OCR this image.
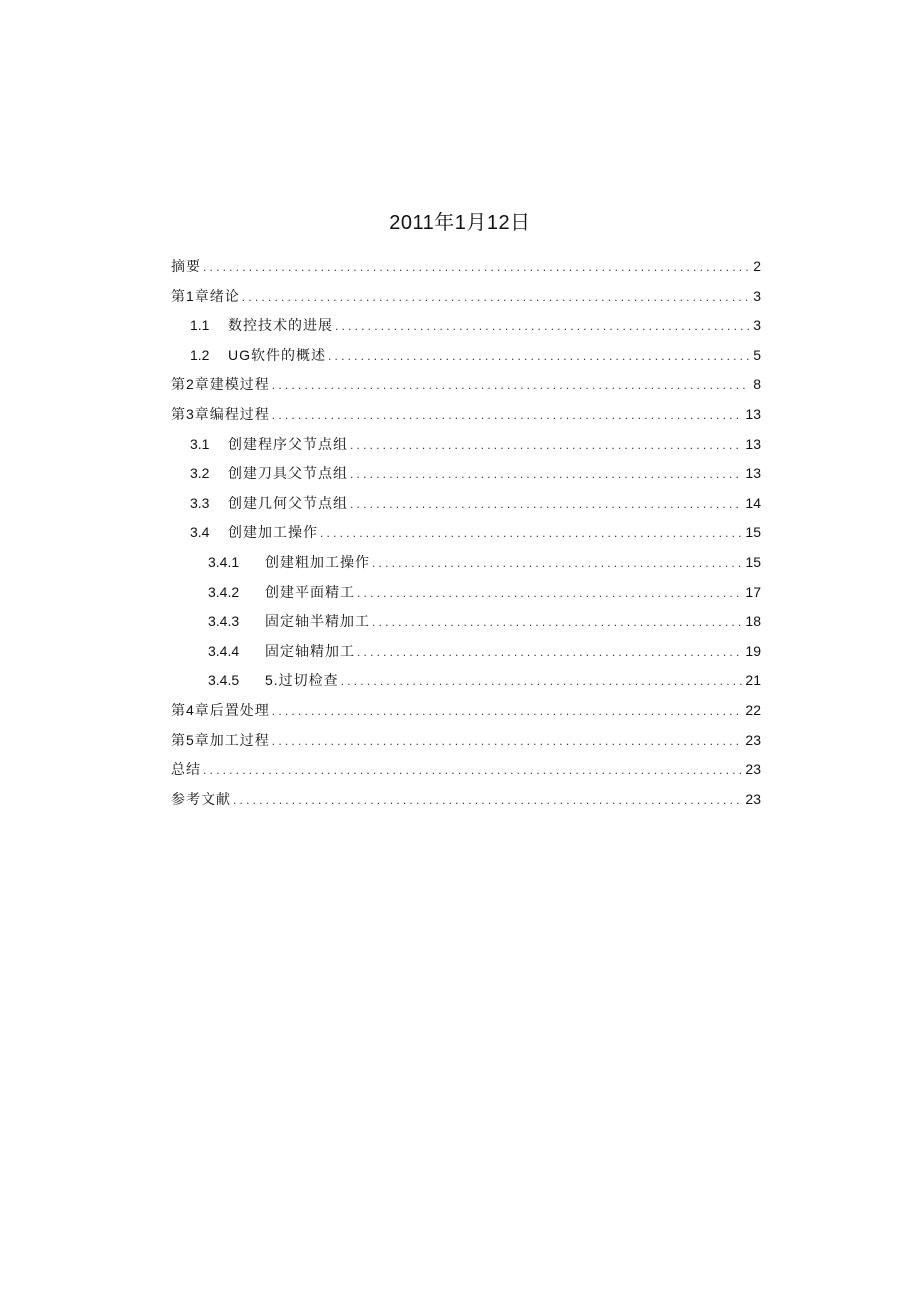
2011年1月12日
摘要 .....	2
第1章绪论 .....	3
1.1	数控技术的进展 .....	3
1.2	UG软件的概述 .....	5
第2章建模过程 .....	8
第3章编程过程 .....	13
3.1	创建程序父节点组 .....	13
3.2	创建刀具父节点组 .....	13
3.3	创建几何父节点组 .....	14
3.4	创建加工操作 .....	15
3.4.1	创建粗加工操作 .....	15
3.4.2	创建平面精工 .....	17
3.4.3	固定轴半精加工 .....	18
3.4.4	固定轴精加工 .....	19
3.4.5	5.过切检查 .....	21
第4章后置处理 .....	22
第5章加工过程 .....	23
总结 .....	23
参考文献 .....	23
